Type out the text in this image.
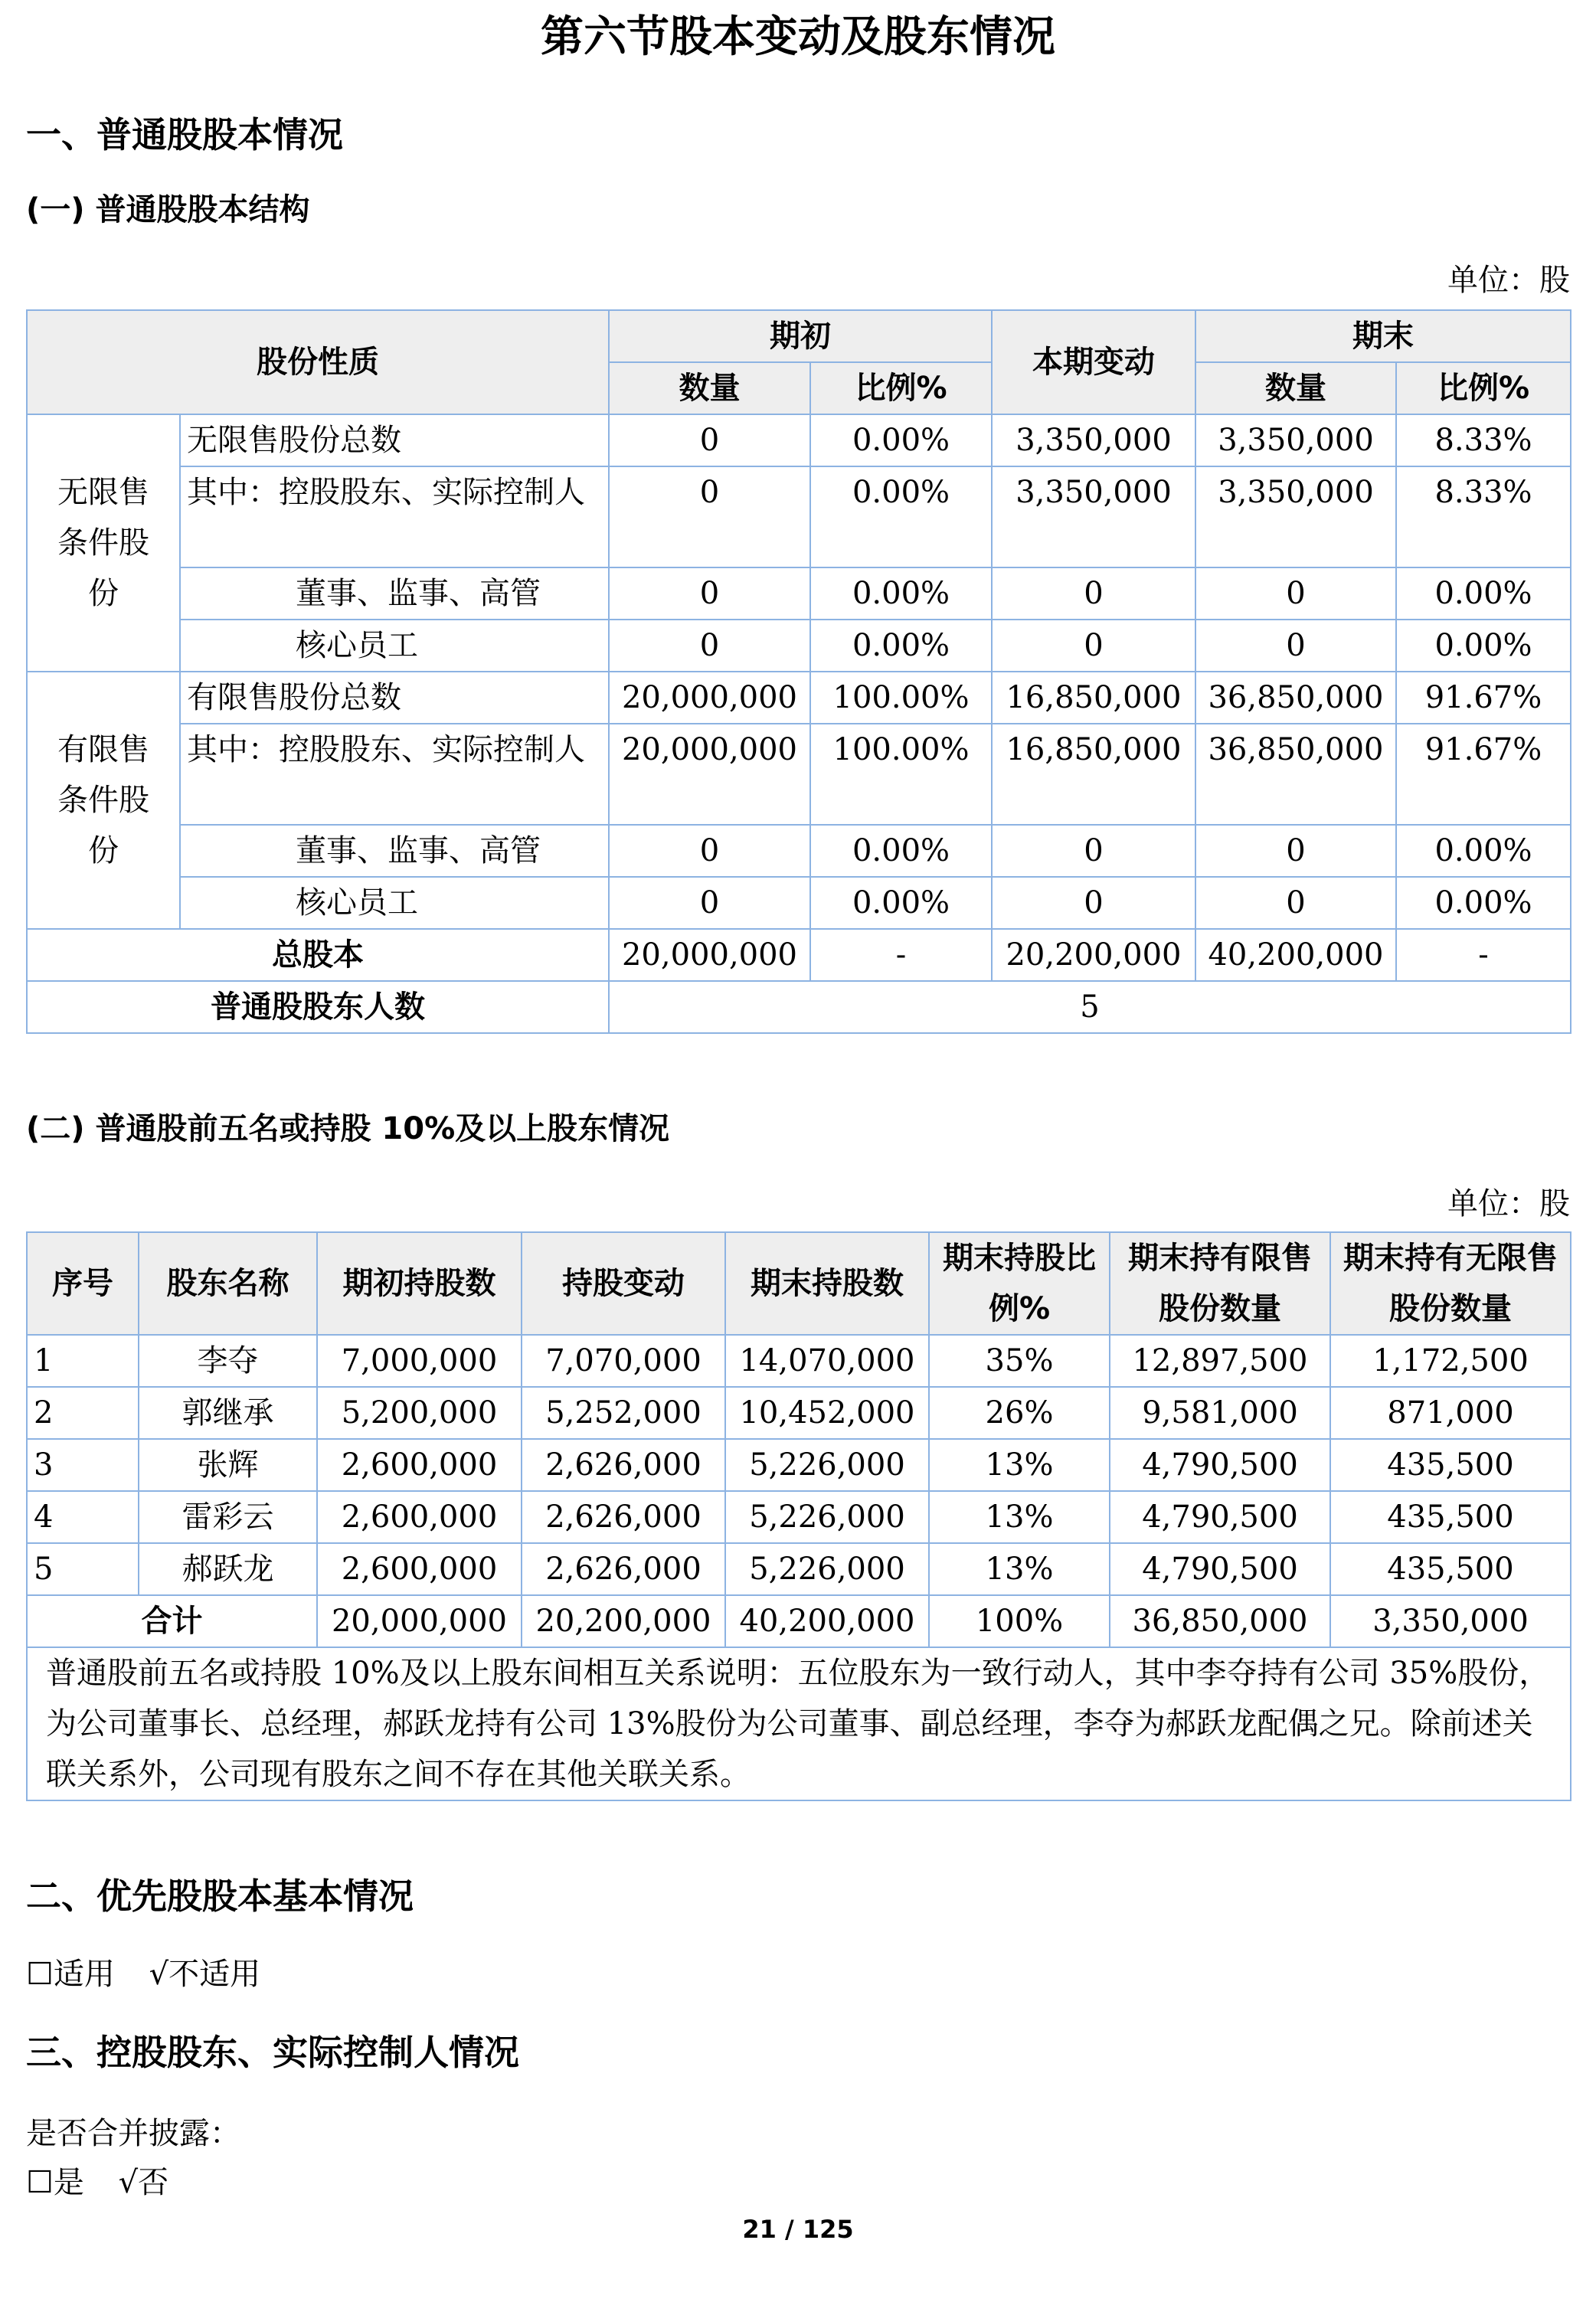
第六节股本变动及股东情况
一、普通股股本情况
(一) 普通股股本结构
单位：股
股份性质		期初		本期变动	期末	
		数量	比例%		数量	比例%
无限售条件股份	无限售股份总数	0	0.00%	3,350,000	3,350,000	8.33%
	其中：控股股东、实际控制人	0	0.00%	3,350,000	3,350,000	8.33%
	董事、监事、高管	0	0.00%	0	0	0.00%
	核心员工	0	0.00%	0	0	0.00%
有限售条件股份	有限售股份总数	20,000,000	100.00%	16,850,000	36,850,000	91.67%
	其中：控股股东、实际控制人	20,000,000	100.00%	16,850,000	36,850,000	91.67%
	董事、监事、高管	0	0.00%	0	0	0.00%
	核心员工	0	0.00%	0	0	0.00%
总股本		20,000,000	-	20,200,000	40,200,000	-
普通股股东人数		5				
(二) 普通股前五名或持股 10%及以上股东情况
单位：股
序号	股东名称	期初持股数	持股变动	期末持股数	期末持股比例%	期末持有限售股份数量	期末持有无限售股份数量
1	李夺	7,000,000	7,070,000	14,070,000	35%	12,897,500	1,172,500
2	郭继承	5,200,000	5,252,000	10,452,000	26%	9,581,000	871,000
3	张辉	2,600,000	2,626,000	5,226,000	13%	4,790,500	435,500
4	雷彩云	2,600,000	2,626,000	5,226,000	13%	4,790,500	435,500
5	郝跃龙	2,600,000	2,626,000	5,226,000	13%	4,790,500	435,500
合计		20,000,000	20,200,000	40,200,000	100%	36,850,000	3,350,000
普通股前五名或持股 10%及以上股东间相互关系说明：五位股东为一致行动人，其中李夺持有公司 35%股份，为公司董事长、总经理，郝跃龙持有公司 13%股份为公司董事、副总经理，李夺为郝跃龙配偶之兄。除前述关联关系外，公司现有股东之间不存在其他关联关系。							
二、优先股股本基本情况
☐适用 √不适用
三、控股股东、实际控制人情况
是否合并披露：
☐是 √否
21 / 125
